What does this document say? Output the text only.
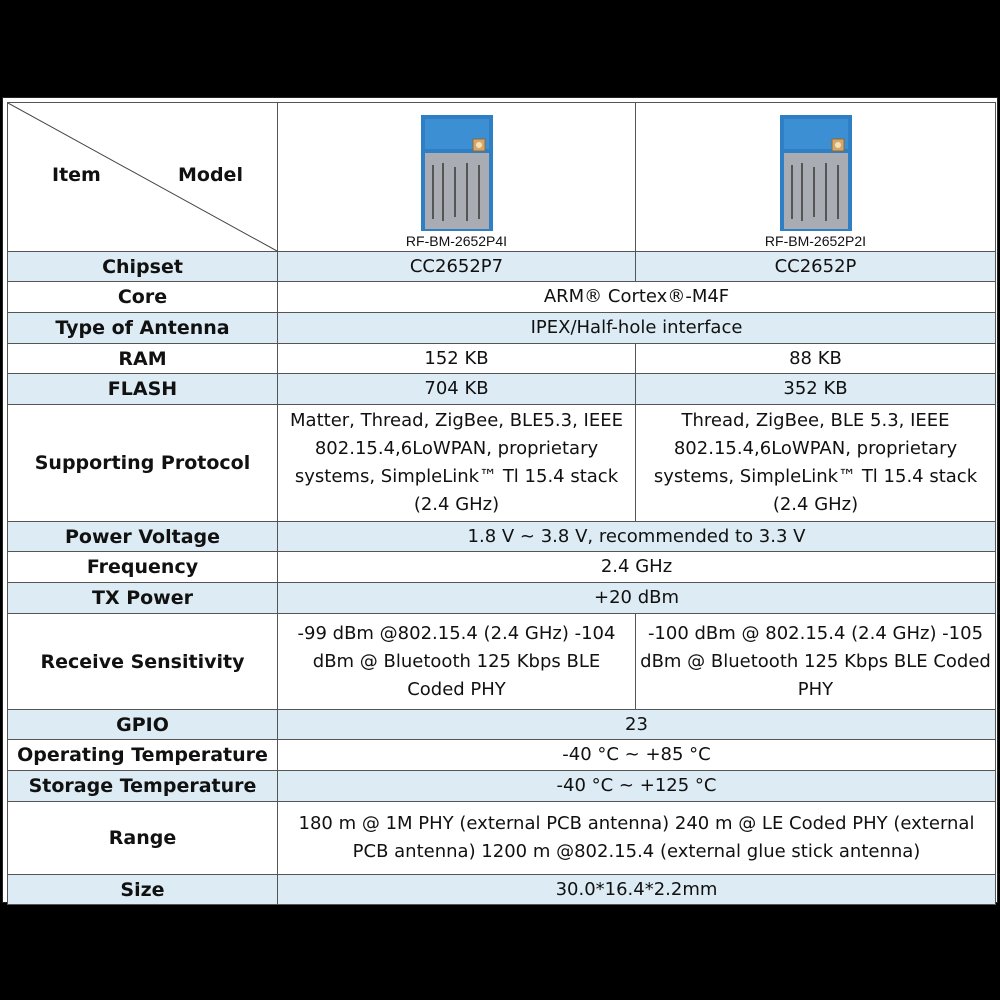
Item Model	RF-BM-2652P4I	RF-BM-2652P2I

Chipset	CC2652P7	CC2652P
Core	ARM® Cortex®-M4F	
Type of Antenna	IPEX/Half-hole interface	
RAM	152 KB	88 KB
FLASH	704 KB	352 KB
Supporting Protocol	Matter, Thread, ZigBee, BLE5.3, IEEE 802.15.4,6LoWPAN, proprietary systems, SimpleLink™ Tl 15.4 stack (2.4 GHz)	Thread, ZigBee, BLE 5.3, IEEE 802.15.4,6LoWPAN, proprietary systems, SimpleLink™ Tl 15.4 stack (2.4 GHz)
Power Voltage	1.8 V ~ 3.8 V, recommended to 3.3 V	
Frequency	2.4 GHz	
TX Power	+20 dBm	
Receive Sensitivity	-99 dBm @802.15.4 (2.4 GHz) -104 dBm @ Bluetooth 125 Kbps BLE Coded PHY	-100 dBm @ 802.15.4 (2.4 GHz) -105 dBm @ Bluetooth 125 Kbps BLE Coded PHY
GPIO	23	
Operating Temperature	-40 °C ~ +85 °C	
Storage Temperature	-40 °C ~ +125 °C	
Range	180 m @ 1M PHY (external PCB antenna) 240 m @ LE Coded PHY (external PCB antenna) 1200 m @802.15.4 (external glue stick antenna)	
Size	30.0*16.4*2.2mm	
